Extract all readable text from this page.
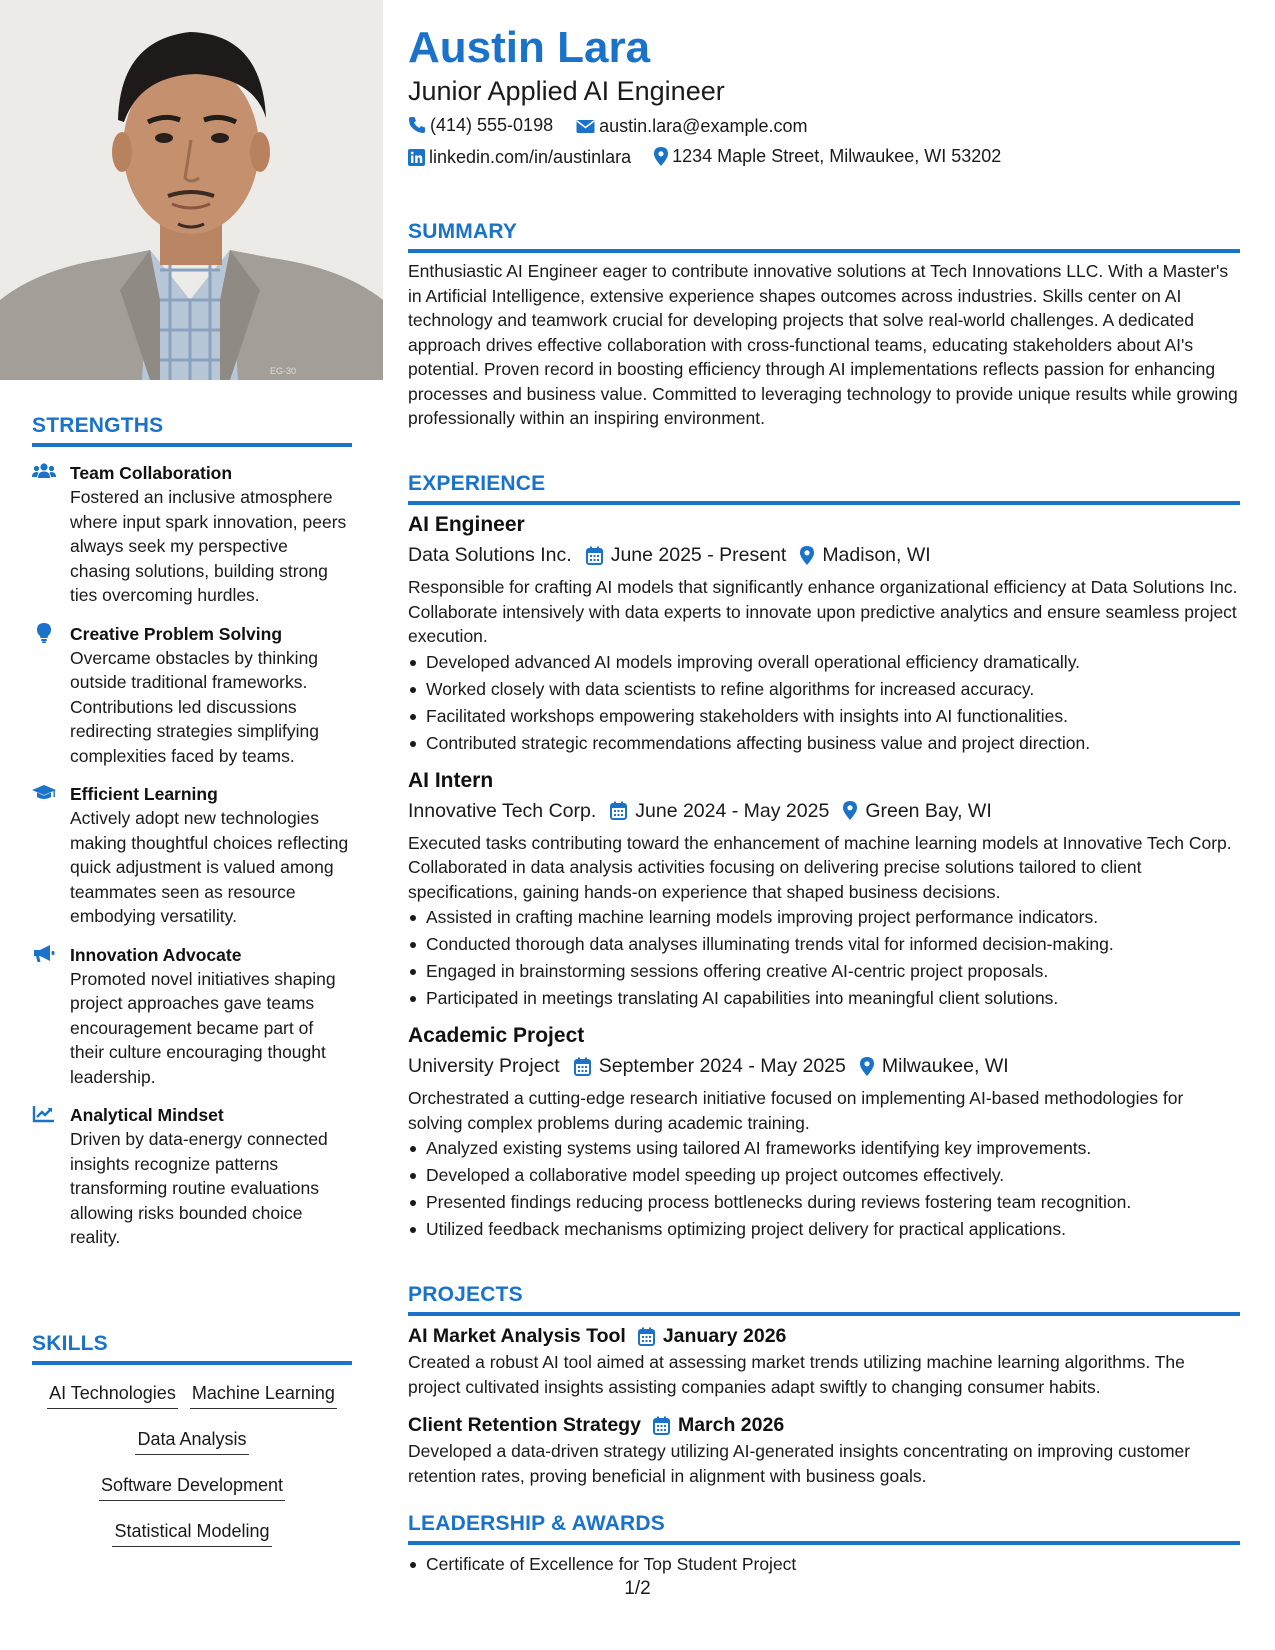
EG-30
STRENGTHS
Team Collaboration
Fostered an inclusive atmosphere where input spark innovation, peers always seek my perspective chasing solutions, building strong ties overcoming hurdles.
Creative Problem Solving
Overcame obstacles by thinking outside traditional frameworks. Contributions led discussions redirecting strategies simplifying complexities faced by teams.
Efficient Learning
Actively adopt new technologies making thoughtful choices reflecting quick adjustment is valued among teammates seen as resource embodying versatility.
Innovation Advocate
Promoted novel initiatives shaping project approaches gave teams encouragement became part of their culture encouraging thought leadership.
Analytical Mindset
Driven by data-energy connected insights recognize patterns transforming routine evaluations allowing risks bounded choice reality.
SKILLS
AI Technologies Machine Learning
Data Analysis
Software Development
Statistical Modeling
Austin Lara
Junior Applied AI Engineer
(414) 555-0198
	austin.lara@example.com
linkedin.com/in/austinlara
1234 Maple Street, Milwaukee, WI 53202
SUMMARY
Enthusiastic AI Engineer eager to contribute innovative solutions at Tech Innovations LLC. With a Master's in Artificial Intelligence, extensive experience shapes outcomes across industries. Skills center on AI technology and teamwork crucial for developing projects that solve real-world challenges. A dedicated approach drives effective collaboration with cross-functional teams, educating stakeholders about AI's potential. Proven record in boosting efficiency through AI implementations reflects passion for enhancing processes and business value. Committed to leveraging technology to provide unique results while growing professionally within an inspiring environment.
EXPERIENCE
AI Engineer
Data Solutions Inc. June 2025 - Present Madison, WI
Responsible for crafting AI models that significantly enhance organizational efficiency at Data Solutions Inc. Collaborate intensively with data experts to innovate upon predictive analytics and ensure seamless project execution.
Developed advanced AI models improving overall operational efficiency dramatically.
Worked closely with data scientists to refine algorithms for increased accuracy.
Facilitated workshops empowering stakeholders with insights into AI functionalities.
Contributed strategic recommendations affecting business value and project direction.
AI Intern
Innovative Tech Corp. June 2024 - May 2025 Green Bay, WI
Executed tasks contributing toward the enhancement of machine learning models at Innovative Tech Corp. Collaborated in data analysis activities focusing on delivering precise solutions tailored to client specifications, gaining hands-on experience that shaped business decisions.
Assisted in crafting machine learning models improving project performance indicators.
Conducted thorough data analyses illuminating trends vital for informed decision-making.
Engaged in brainstorming sessions offering creative AI-centric project proposals.
Participated in meetings translating AI capabilities into meaningful client solutions.
Academic Project
University Project September 2024 - May 2025 Milwaukee, WI
Orchestrated a cutting-edge research initiative focused on implementing AI-based methodologies for solving complex problems during academic training.
Analyzed existing systems using tailored AI frameworks identifying key improvements.
Developed a collaborative model speeding up project outcomes effectively.
Presented findings reducing process bottlenecks during reviews fostering team recognition.
Utilized feedback mechanisms optimizing project delivery for practical applications.
PROJECTS
AI Market Analysis Tool January 2026
Created a robust AI tool aimed at assessing market trends utilizing machine learning algorithms. The project cultivated insights assisting companies adapt swiftly to changing consumer habits.
Client Retention Strategy March 2026
Developed a data-driven strategy utilizing AI-generated insights concentrating on improving customer retention rates, proving beneficial in alignment with business goals.
LEADERSHIP & AWARDS
Certificate of Excellence for Top Student Project
1/2
